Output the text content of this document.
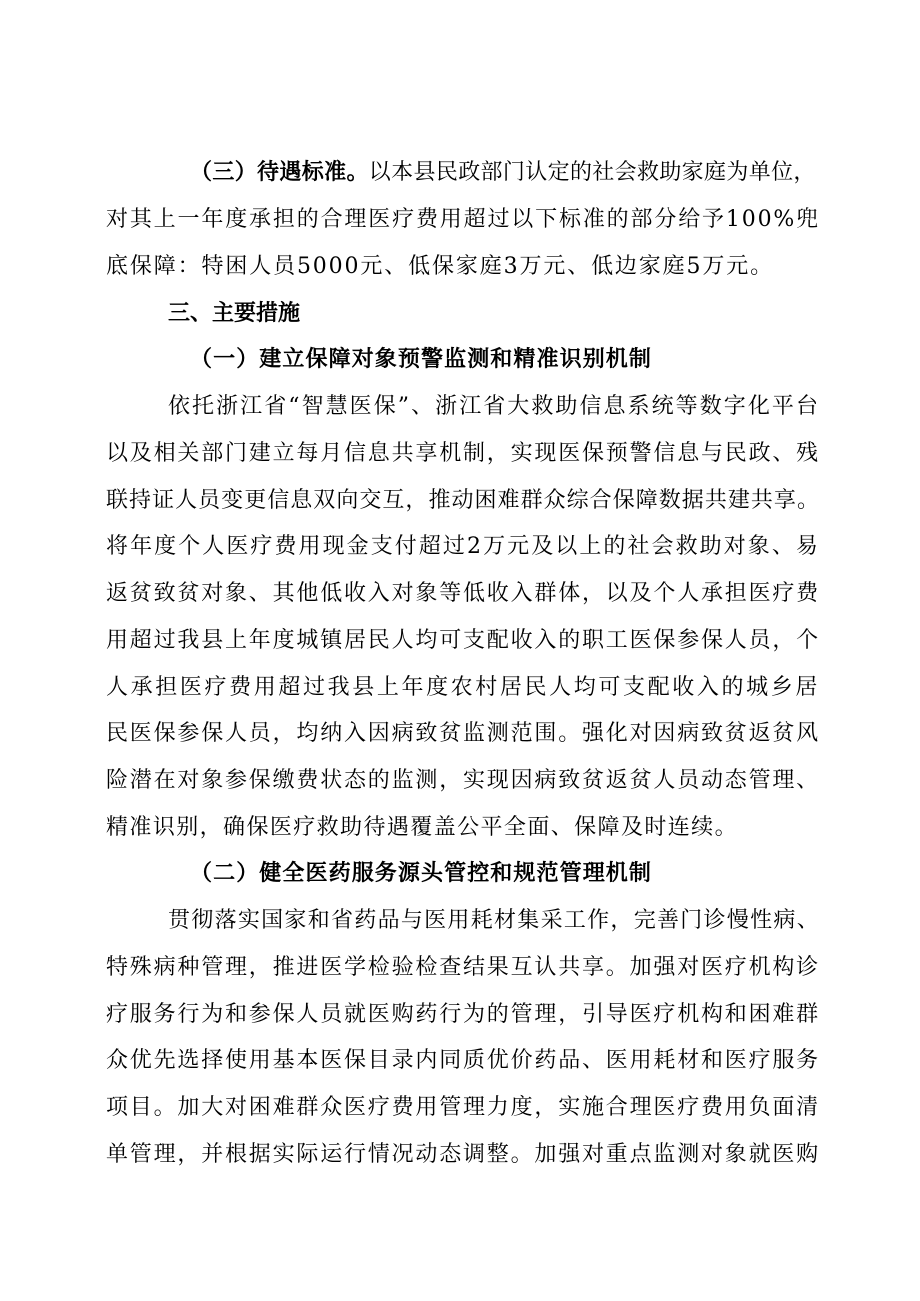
（三）待遇标准。以本县民政部门认定的社会救助家庭为单位，
对其上一年度承担的合理医疗费用超过以下标准的部分给予100%兜
底保障：特困人员5000元、低保家庭3万元、低边家庭5万元。
三、主要措施
（一）建立保障对象预警监测和精准识别机制
依托浙江省“智慧医保”、浙江省大救助信息系统等数字化平台
以及相关部门建立每月信息共享机制，实现医保预警信息与民政、残
联持证人员变更信息双向交互，推动困难群众综合保障数据共建共享。
将年度个人医疗费用现金支付超过2万元及以上的社会救助对象、易
返贫致贫对象、其他低收入对象等低收入群体，以及个人承担医疗费
用超过我县上年度城镇居民人均可支配收入的职工医保参保人员，个
人承担医疗费用超过我县上年度农村居民人均可支配收入的城乡居
民医保参保人员，均纳入因病致贫监测范围。强化对因病致贫返贫风
险潜在对象参保缴费状态的监测，实现因病致贫返贫人员动态管理、
精准识别，确保医疗救助待遇覆盖公平全面、保障及时连续。
（二）健全医药服务源头管控和规范管理机制
贯彻落实国家和省药品与医用耗材集采工作，完善门诊慢性病、
特殊病种管理，推进医学检验检查结果互认共享。加强对医疗机构诊
疗服务行为和参保人员就医购药行为的管理，引导医疗机构和困难群
众优先选择使用基本医保目录内同质优价药品、医用耗材和医疗服务
项目。加大对困难群众医疗费用管理力度，实施合理医疗费用负面清
单管理，并根据实际运行情况动态调整。加强对重点监测对象就医购
